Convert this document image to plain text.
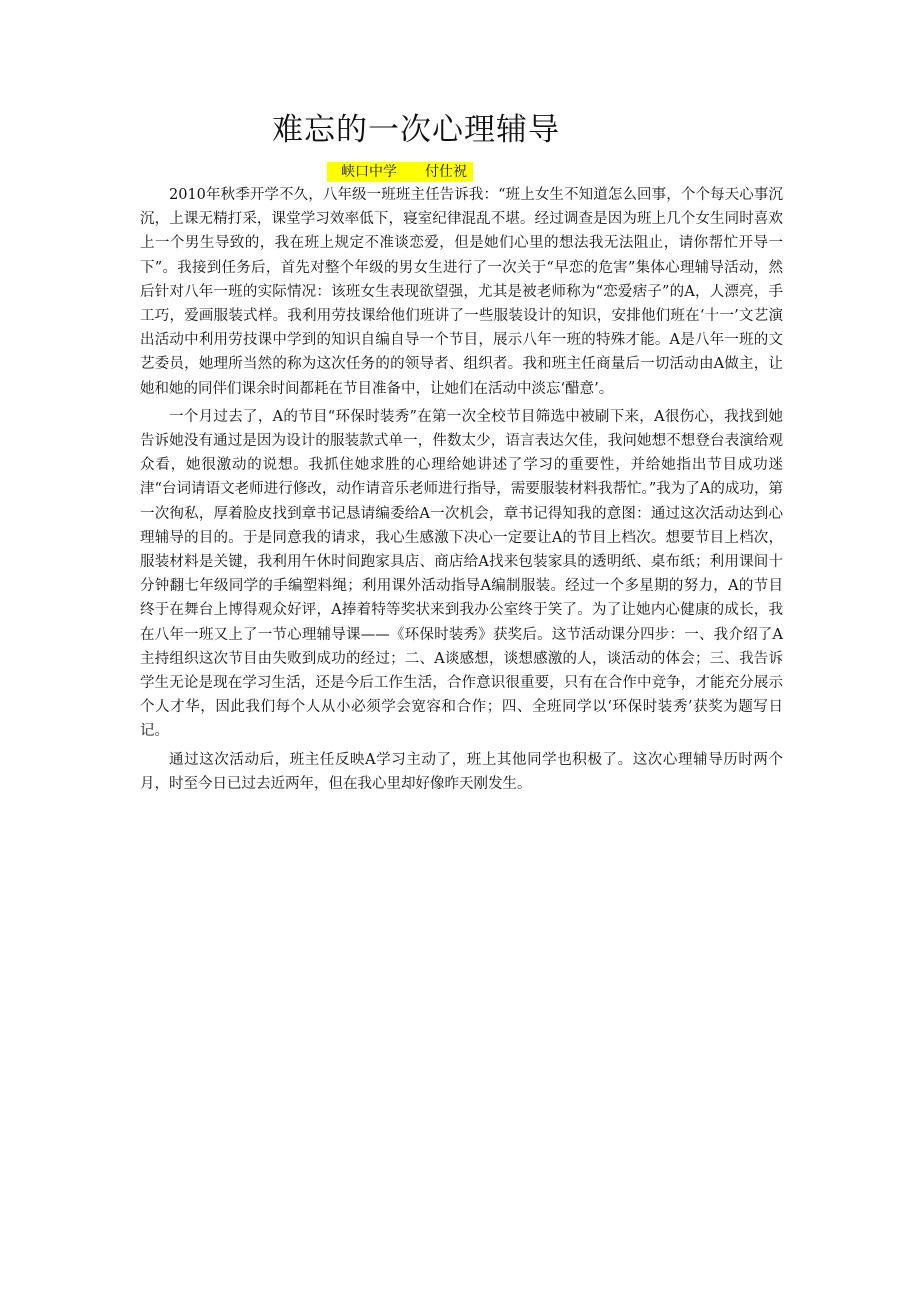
难忘的一次心理辅导
峡口中学 付仕祝

2010年秋季开学不久，八年级一班班主任告诉我：“班上女生不知道怎么回事，个个每天心事沉沉，上课无精打采，课堂学习效率低下，寝室纪律混乱不堪。经过调查是因为班上几个女生同时喜欢上一个男生导致的，我在班上规定不准谈恋爱，但是她们心里的想法我无法阻止，请你帮忙开导一下”。我接到任务后，首先对整个年级的男女生进行了一次关于“早恋的危害”集体心理辅导活动，然后针对八年一班的实际情况：该班女生表现欲望强，尤其是被老师称为“恋爱痞子”的A，人漂亮，手工巧，爱画服装式样。我利用劳技课给他们班讲了一些服装设计的知识，安排他们班在‘十一’文艺演出活动中利用劳技课中学到的知识自编自导一个节目，展示八年一班的特殊才能。A是八年一班的文艺委员，她理所当然的称为这次任务的的领导者、组织者。我和班主任商量后一切活动由A做主，让她和她的同伴们课余时间都耗在节目准备中，让她们在活动中淡忘‘醋意’。

一个月过去了，A的节目“环保时装秀”在第一次全校节目筛选中被刷下来，A很伤心，我找到她告诉她没有通过是因为设计的服装款式单一，件数太少，语言表达欠佳，我问她想不想登台表演给观众看，她很激动的说想。我抓住她求胜的心理给她讲述了学习的重要性，并给她指出节目成功迷津“台词请语文老师进行修改，动作请音乐老师进行指导，需要服装材料我帮忙。”我为了A的成功，第一次徇私，厚着脸皮找到章书记恳请编委给A一次机会，章书记得知我的意图：通过这次活动达到心理辅导的目的。于是同意我的请求，我心生感激下决心一定要让A的节目上档次。想要节目上档次，服装材料是关键，我利用午休时间跑家具店、商店给A找来包装家具的透明纸、桌布纸；利用课间十分钟翻七年级同学的手编塑料绳；利用课外活动指导A编制服装。经过一个多星期的努力，A的节目终于在舞台上博得观众好评，A捧着特等奖状来到我办公室终于笑了。为了让她内心健康的成长，我在八年一班又上了一节心理辅导课——《环保时装秀》获奖后。这节活动课分四步：一、我介绍了A主持组织这次节目由失败到成功的经过；二、A谈感想，谈想感激的人，谈活动的体会；三、我告诉学生无论是现在学习生活，还是今后工作生活，合作意识很重要，只有在合作中竞争，才能充分展示个人才华，因此我们每个人从小必须学会宽容和合作；四、全班同学以‘环保时装秀’获奖为题写日记。

通过这次活动后，班主任反映A学习主动了，班上其他同学也积极了。这次心理辅导历时两个月，时至今日已过去近两年，但在我心里却好像昨天刚发生。
